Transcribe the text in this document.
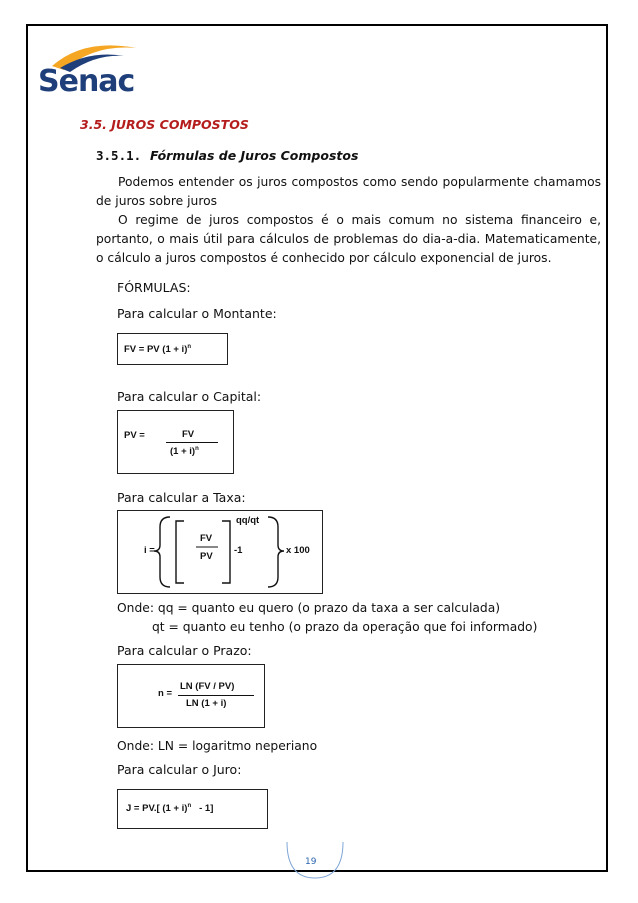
Senac
3.5. JUROS COMPOSTOS
3.5.1. Fórmulas de Juros Compostos
Podemos entender os juros compostos como sendo popularmente chamamos de juros sobre juros
O regime de juros compostos é o mais comum no sistema financeiro e, portanto, o mais útil para cálculos de problemas do dia-a-dia. Matematicamente, o cálculo a juros compostos é conhecido por cálculo exponencial de juros.
FÓRMULAS:
Para calcular o Montante:
FV = PV $(1 + i)^n$
Para calcular o Capital:
PV =	FV
$(1 + i)^n$
Para calcular a Taxa:
i =
FV
PV
-1
qq/qt
x 100
Onde: qq = quanto eu quero (o prazo da taxa a ser calculada)
qt = quanto eu tenho (o prazo da operação que foi informado)
Para calcular o Prazo:
n =
LN (FV / PV)
LN (1 + i)
Onde: LN = logaritmo neperiano
Para calcular o Juro:
J = PV.[ $(1 + i)^n - 1$]
19
